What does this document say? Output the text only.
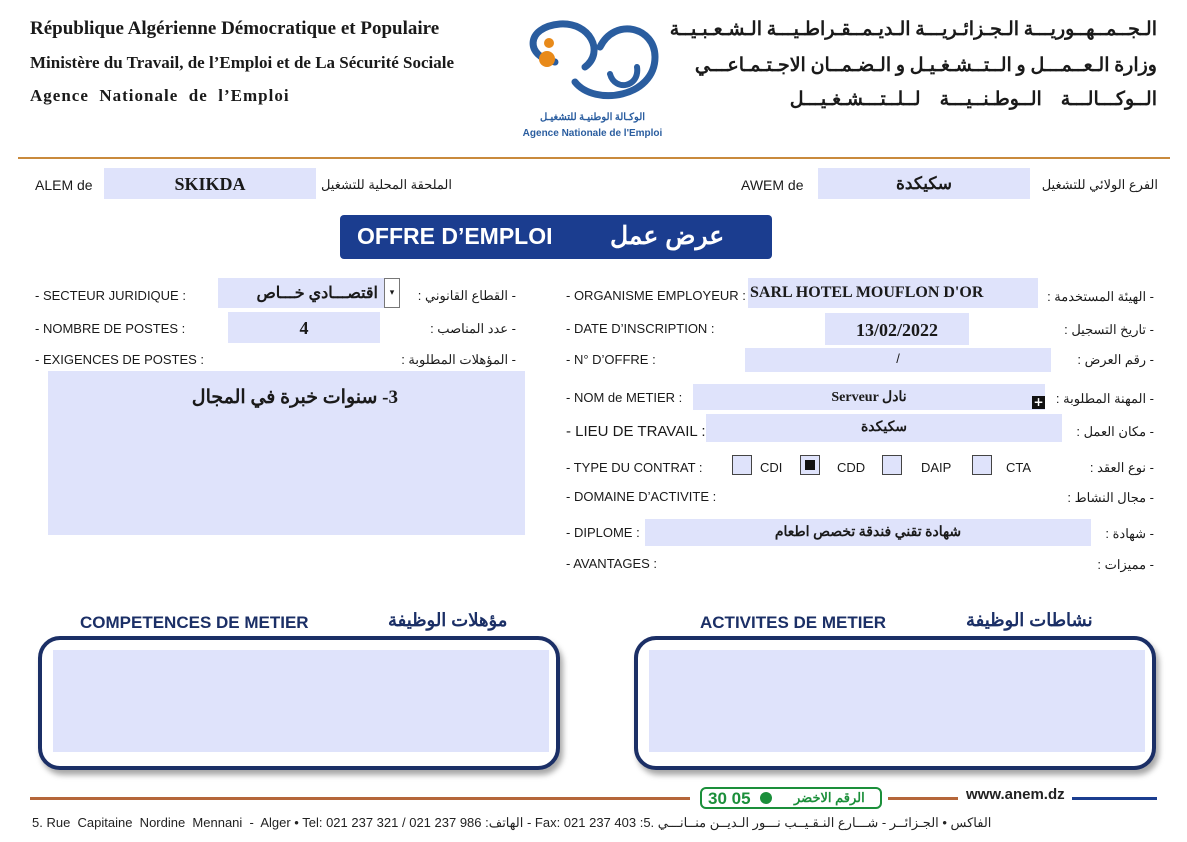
République Algérienne Démocratique et Populaire
Ministère du Travail, de l’Emploi et de La Sécurité Sociale
Agence  Nationale  de  l’Emploi
الـجــمــهــوريـــة الـجـزائـريـــة الـديـمــقـراطـيـــة الـشـعـبـيــة
وزارة الـعــمـــل و الــتــشـغـيـل و الـضـمــان الاجـتـمـاعـــي
الــوكـــالـــة    الــوطـنــيـــة    لــلــتـــشـغـيـــل
الوكـالة الوطنيـة للتشغيـل
Agence Nationale de l'Emploi
ALEM de	SKIKDA	الملحقة المحلية للتشغيل	AWEM de	سكيكدة	الفرع الولائي للتشغيل
OFFRE D’EMPLOI عرض عمل
- SECTEUR JURIDIQUE :	اقتصـــادي خـــاص	▾	- القطاع القانوني :
- NOMBRE DE POSTES :	4	- عدد المناصب :
- EXIGENCES DE POSTES :	- المؤهلات المطلوبة :
3- سنوات خبرة في المجال
- ORGANISME EMPLOYEUR : SARL HOTEL MOUFLON D'OR	- الهيئة المستخدمة :
- DATE D’INSCRIPTION :	13/02/2022	- تاريخ التسجيل :
- N° D’OFFRE :	/	- رقم العرض :
- NOM de METIER :	Serveur نادل	+ - المهنة المطلوبة :
- LIEU DE TRAVAIL :	سكيكدة	- مكان العمل :
- TYPE DU CONTRAT :	CDI	CDD	DAIP	CTA	- نوع العقد :
- DOMAINE D’ACTIVITE :	- مجال النشاط :
- DIPLOME :	شهادة تقني فندقة تخصص اطعام	- شهادة :
- AVANTAGES :	- مميزات :
COMPETENCES DE METIER	مؤهلات الوظيفة	ACTIVITES DE METIER	نشاطات الوظيفة
30 05	الرقم الاخضر	www.anem.dz
5. Rue  Capitaine  Nordine  Mennani  -  Alger • Tel: 021 237 321 / 021 237 986 :الهاتف - Fax: 021 237 403 :الفاكس • الجـزائــر - شـــارع النـقـيــب نـــور الـديــن منــانـــي .5
